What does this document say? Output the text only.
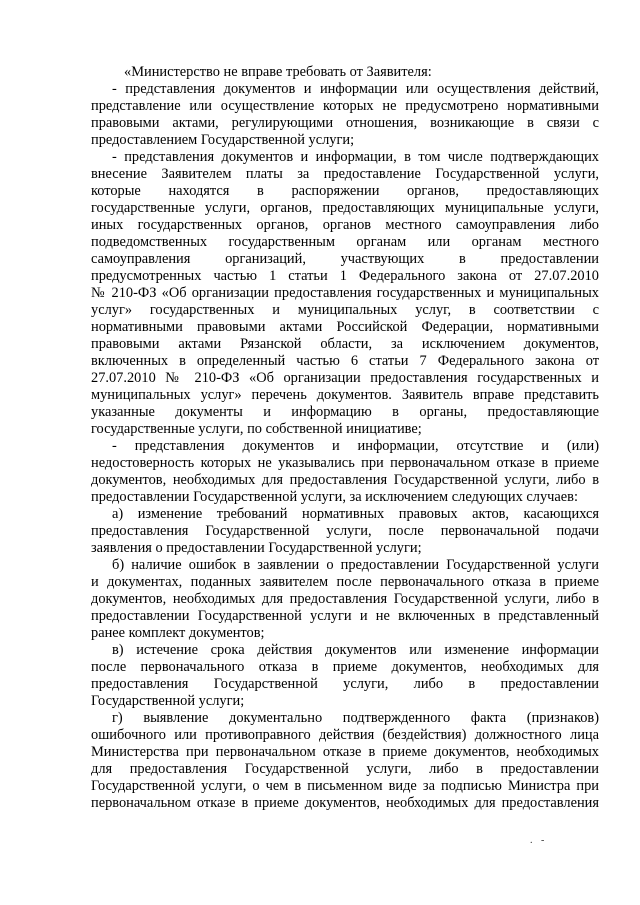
«Министерство не вправе требовать от Заявителя:
- представления документов и информации или осуществления действий,
представление или осуществление которых не предусмотрено нормативными
правовыми актами, регулирующими отношения, возникающие в связи с
предоставлением Государственной услуги;
- представления документов и информации, в том числе подтверждающих
внесение Заявителем платы за предоставление Государственной услуги,
которые находятся в распоряжении органов, предоставляющих
государственные услуги, органов, предоставляющих муниципальные услуги,
иных государственных органов, органов местного самоуправления либо
подведомственных государственным органам или органам местного
самоуправления организаций, участвующих в предоставлении
предусмотренных частью 1 статьи 1 Федерального закона от 27.07.2010
№ 210-ФЗ «Об организации предоставления государственных и муниципальных
услуг» государственных и муниципальных услуг, в соответствии с
нормативными правовыми актами Российской Федерации, нормативными
правовыми актами Рязанской области, за исключением документов,
включенных в определенный частью 6 статьи 7 Федерального закона от
27.07.2010 № 210-ФЗ «Об организации предоставления государственных и
муниципальных услуг» перечень документов. Заявитель вправе представить
указанные документы и информацию в органы, предоставляющие
государственные услуги, по собственной инициативе;
- представления документов и информации, отсутствие и (или)
недостоверность которых не указывались при первоначальном отказе в приеме
документов, необходимых для предоставления Государственной услуги, либо в
предоставлении Государственной услуги, за исключением следующих случаев:
а) изменение требований нормативных правовых актов, касающихся
предоставления Государственной услуги, после первоначальной подачи
заявления о предоставлении Государственной услуги;
б) наличие ошибок в заявлении о предоставлении Государственной услуги
и документах, поданных заявителем после первоначального отказа в приеме
документов, необходимых для предоставления Государственной услуги, либо в
предоставлении Государственной услуги и не включенных в представленный
ранее комплект документов;
в) истечение срока действия документов или изменение информации
после первоначального отказа в приеме документов, необходимых для
предоставления Государственной услуги, либо в предоставлении
Государственной услуги;
г) выявление документально подтвержденного факта (признаков)
ошибочного или противоправного действия (бездействия) должностного лица
Министерства при первоначальном отказе в приеме документов, необходимых
для предоставления Государственной услуги, либо в предоставлении
Государственной услуги, о чем в письменном виде за подписью Министра при
первоначальном отказе в приеме документов, необходимых для предоставления
. -
